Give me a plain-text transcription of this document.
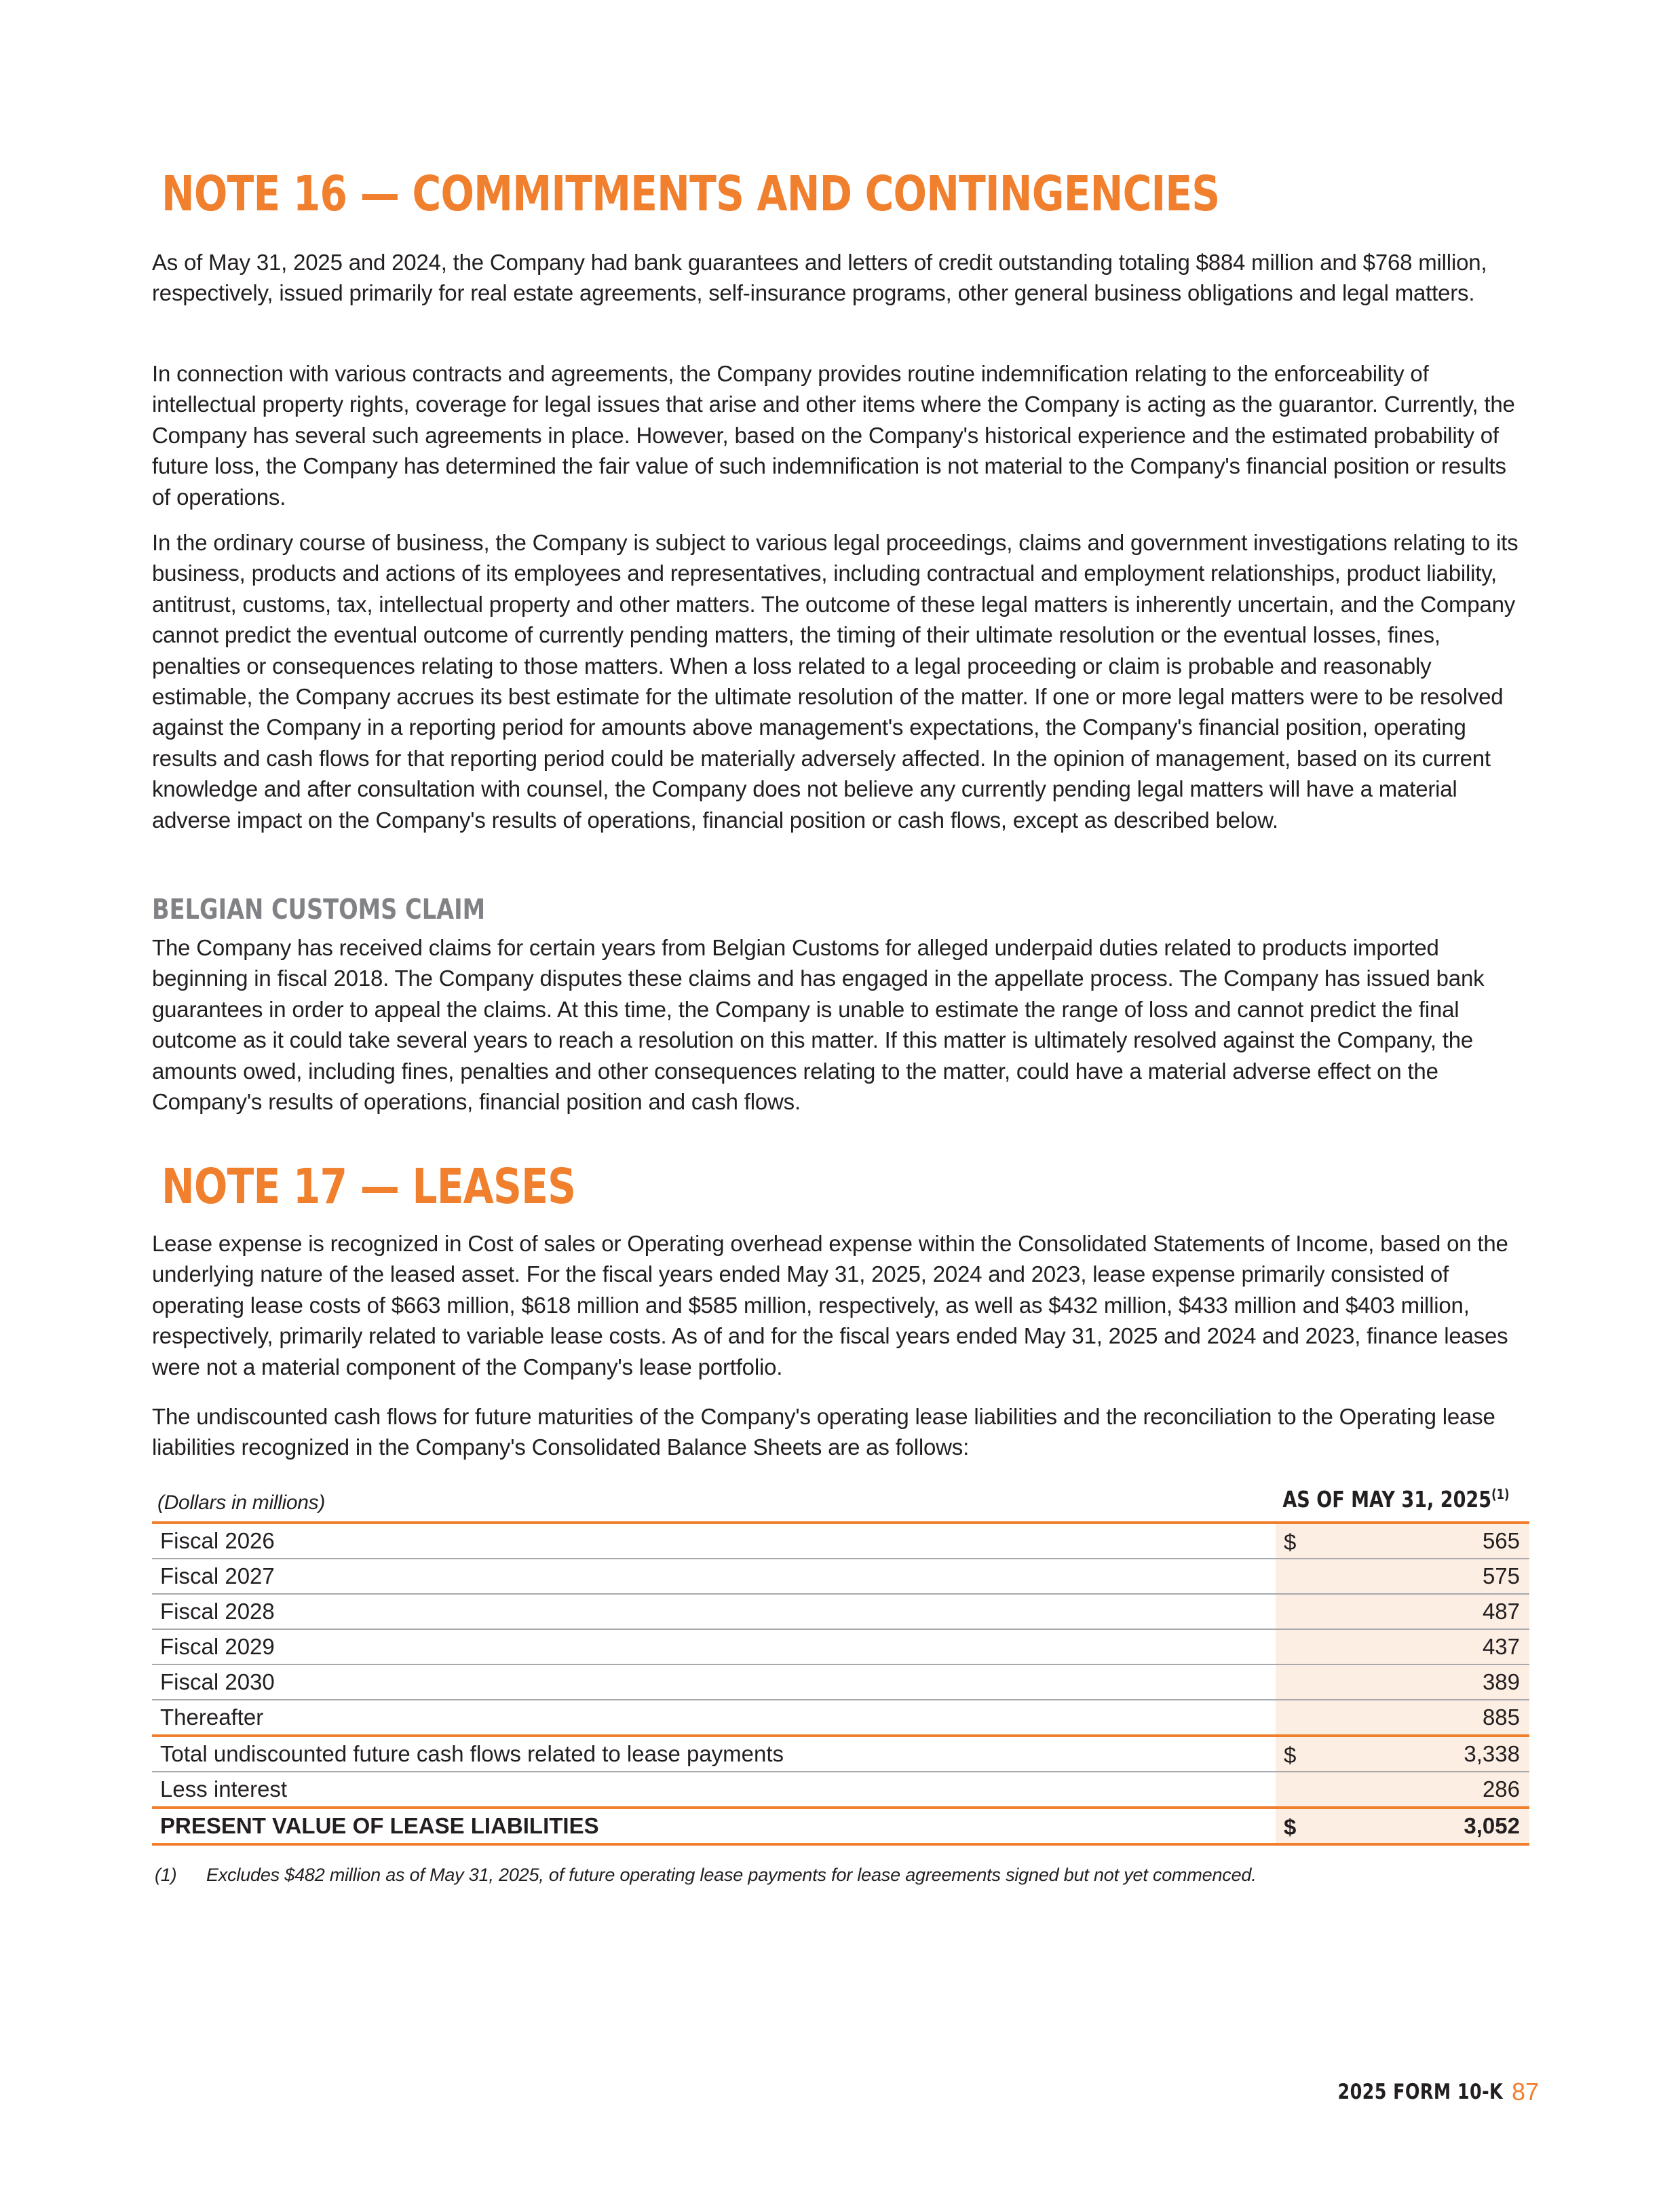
NOTE 16 — COMMITMENTS AND CONTINGENCIES

As of May 31, 2025 and 2024, the Company had bank guarantees and letters of credit outstanding totaling $884 million and $768 million, respectively, issued primarily for real estate agreements, self-insurance programs, other general business obligations and legal matters.

In connection with various contracts and agreements, the Company provides routine indemnification relating to the enforceability of intellectual property rights, coverage for legal issues that arise and other items where the Company is acting as the guarantor. Currently, the Company has several such agreements in place. However, based on the Company's historical experience and the estimated probability of future loss, the Company has determined the fair value of such indemnification is not material to the Company's financial position or results of operations.

In the ordinary course of business, the Company is subject to various legal proceedings, claims and government investigations relating to its business, products and actions of its employees and representatives, including contractual and employment relationships, product liability, antitrust, customs, tax, intellectual property and other matters. The outcome of these legal matters is inherently uncertain, and the Company cannot predict the eventual outcome of currently pending matters, the timing of their ultimate resolution or the eventual losses, fines, penalties or consequences relating to those matters. When a loss related to a legal proceeding or claim is probable and reasonably estimable, the Company accrues its best estimate for the ultimate resolution of the matter. If one or more legal matters were to be resolved against the Company in a reporting period for amounts above management's expectations, the Company's financial position, operating results and cash flows for that reporting period could be materially adversely affected. In the opinion of management, based on its current knowledge and after consultation with counsel, the Company does not believe any currently pending legal matters will have a material adverse impact on the Company's results of operations, financial position or cash flows, except as described below.

BELGIAN CUSTOMS CLAIM

The Company has received claims for certain years from Belgian Customs for alleged underpaid duties related to products imported beginning in fiscal 2018. The Company disputes these claims and has engaged in the appellate process. The Company has issued bank guarantees in order to appeal the claims. At this time, the Company is unable to estimate the range of loss and cannot predict the final outcome as it could take several years to reach a resolution on this matter. If this matter is ultimately resolved against the Company, the amounts owed, including fines, penalties and other consequences relating to the matter, could have a material adverse effect on the Company's results of operations, financial position and cash flows.

NOTE 17 — LEASES

Lease expense is recognized in Cost of sales or Operating overhead expense within the Consolidated Statements of Income, based on the underlying nature of the leased asset. For the fiscal years ended May 31, 2025, 2024 and 2023, lease expense primarily consisted of operating lease costs of $663 million, $618 million and $585 million, respectively, as well as $432 million, $433 million and $403 million, respectively, primarily related to variable lease costs. As of and for the fiscal years ended May 31, 2025 and 2024 and 2023, finance leases were not a material component of the Company's lease portfolio.

The undiscounted cash flows for future maturities of the Company's operating lease liabilities and the reconciliation to the Operating lease liabilities recognized in the Company's Consolidated Balance Sheets are as follows:

(Dollars in millions)	AS OF MAY 31, 2025$^{(1)}$
Fiscal 2026	$ 565
Fiscal 2027	575
Fiscal 2028	487
Fiscal 2029	437
Fiscal 2030	389
Thereafter	885
Total undiscounted future cash flows related to lease payments	$ 3,338
Less interest	286
PRESENT VALUE OF LEASE LIABILITIES	$ 3,052
(1) Excludes $482 million as of May 31, 2025, of future operating lease payments for lease agreements signed but not yet commenced.
2025 FORM 10-K 87
